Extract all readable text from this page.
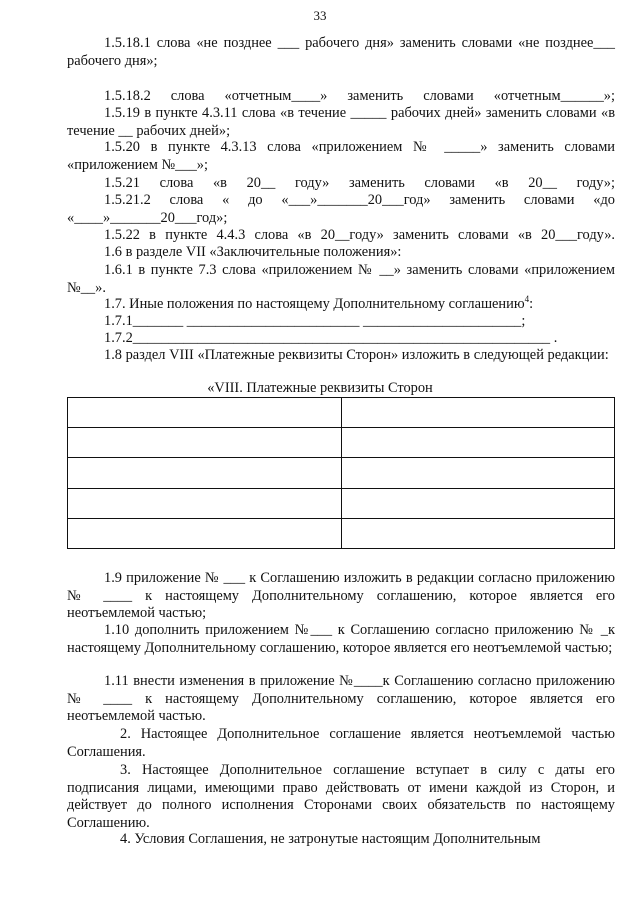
33

1.5.18.1 слова «не позднее ___ рабочего дня» заменить словами «не позднее___ рабочего дня»;

1.5.18.2 слова «отчетным____» заменить словами «отчетным______»;

1.5.19 в пункте 4.3.11 слова «в течение _____ рабочих дней» заменить словами «в течение __ рабочих дней»;

1.5.20 в пункте 4.3.13 слова «приложением № _____» заменить словами «приложением №___»;

1.5.21 слова «в 20__ году» заменить словами «в 20__ году»;

1.5.21.2 слова « до «___»_______20___год» заменить словами «до «____»_______20___год»;

1.5.22 в пункте 4.4.3 слова «в 20__году» заменить словами «в 20___году».

1.6 в разделе VII «Заключительные положения»:

1.6.1 в пункте 7.3 слова «приложением № __» заменить словами «приложением №__».

1.7. Иные положения по настоящему Дополнительному соглашению$^4$:

1.7.1_______ ________________________ ______________________;

1.7.2__________________________________________________________ .

1.8 раздел VIII «Платежные реквизиты Сторон» изложить в следующей редакции:

«VIII. Платежные реквизиты Сторон

1.9 приложение № ___ к Соглашению изложить в редакции согласно приложению № ____ к настоящему Дополнительному соглашению, которое является его неотъемлемой частью;

1.10 дополнить приложением №___ к Соглашению согласно приложению № _к настоящему Дополнительному соглашению, которое является его неотъемлемой частью;

1.11 внести изменения в приложение №____к Соглашению согласно приложению № ____ к настоящему Дополнительному соглашению, которое является его неотъемлемой частью.

2. Настоящее Дополнительное соглашение является неотъемлемой частью Соглашения.

3. Настоящее Дополнительное соглашение вступает в силу с даты его подписания лицами, имеющими право действовать от имени каждой из Сторон, и действует до полного исполнения Сторонами своих обязательств по настоящему Соглашению.

4. Условия Соглашения, не затронутые настоящим Дополнительным
